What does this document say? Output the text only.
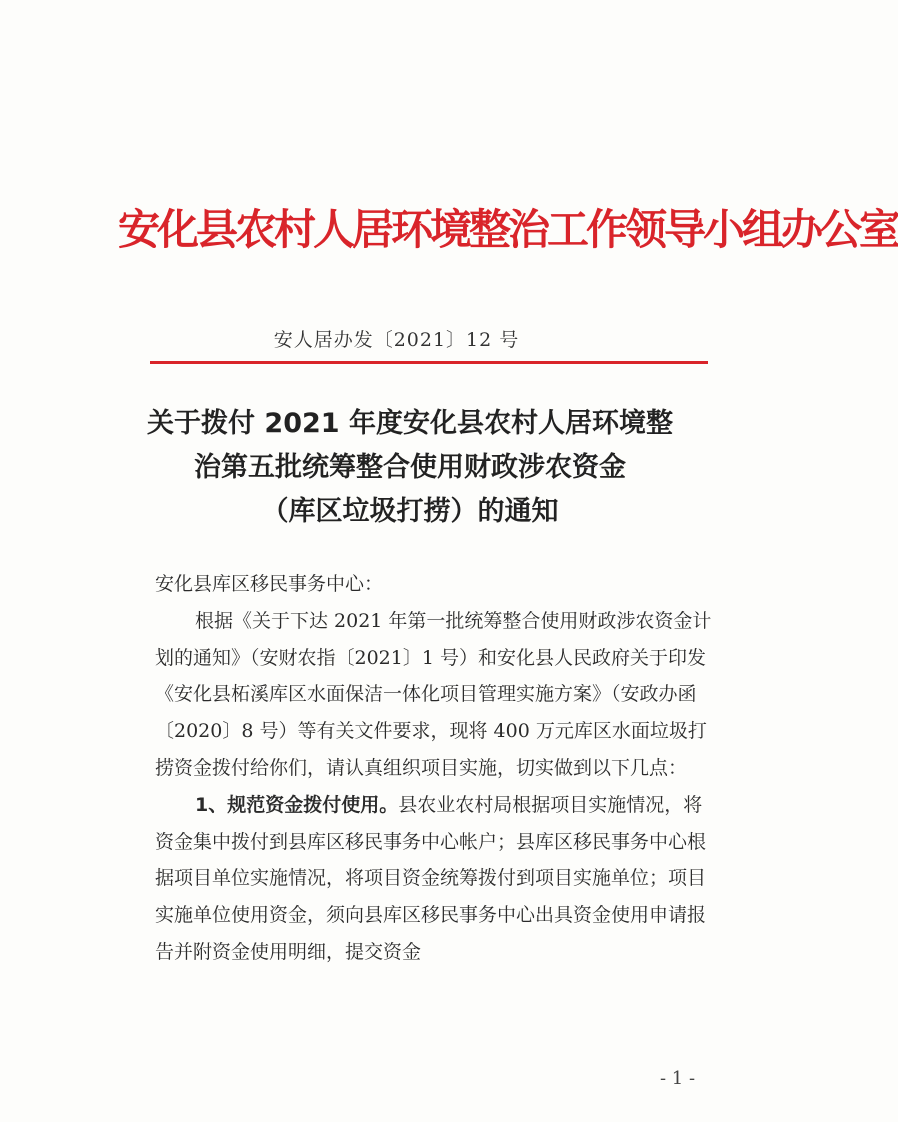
安化县农村人居环境整治工作领导小组办公室
安人居办发〔2021〕12 号
关于拨付 2021 年度安化县农村人居环境整
治第五批统筹整合使用财政涉农资金
（库区垃圾打捞）的通知

安化县库区移民事务中心：

根据《关于下达 2021 年第一批统筹整合使用财政涉农资金计划的通知》（安财农指〔2021〕1 号）和安化县人民政府关于印发《安化县柘溪库区水面保洁一体化项目管理实施方案》（安政办函〔2020〕8 号）等有关文件要求，现将 400 万元库区水面垃圾打捞资金拨付给你们，请认真组织项目实施，切实做到以下几点：

1、规范资金拨付使用。县农业农村局根据项目实施情况，将资金集中拨付到县库区移民事务中心帐户；县库区移民事务中心根据项目单位实施情况，将项目资金统筹拨付到项目实施单位；项目实施单位使用资金，须向县库区移民事务中心出具资金使用申请报告并附资金使用明细，提交资金

- 1 -
